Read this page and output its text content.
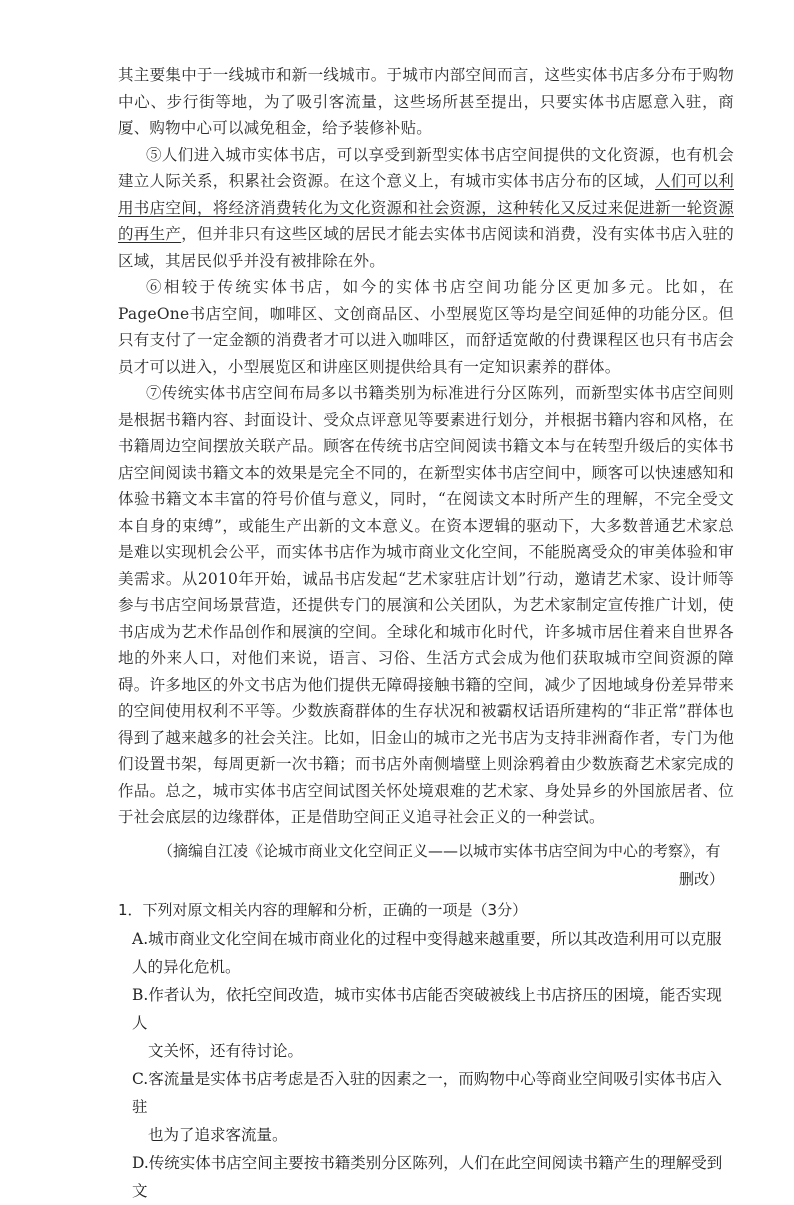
其主要集中于一线城市和新一线城市。于城市内部空间而言，这些实体书店多分布于购物中心、步行街等地，为了吸引客流量，这些场所甚至提出，只要实体书店愿意入驻，商厦、购物中心可以减免租金，给予装修补贴。

⑤人们进入城市实体书店，可以享受到新型实体书店空间提供的文化资源，也有机会建立人际关系，积累社会资源。在这个意义上，有城市实体书店分布的区域，人们可以利用书店空间，将经济消费转化为文化资源和社会资源，这种转化又反过来促进新一轮资源的再生产，但并非只有这些区域的居民才能去实体书店阅读和消费，没有实体书店入驻的区域，其居民似乎并没有被排除在外。

⑥相较于传统实体书店，如今的实体书店空间功能分区更加多元。比如，在PageOne书店空间，咖啡区、文创商品区、小型展览区等均是空间延伸的功能分区。但只有支付了一定金额的消费者才可以进入咖啡区，而舒适宽敞的付费课程区也只有书店会员才可以进入，小型展览区和讲座区则提供给具有一定知识素养的群体。

⑦传统实体书店空间布局多以书籍类别为标准进行分区陈列，而新型实体书店空间则是根据书籍内容、封面设计、受众点评意见等要素进行划分，并根据书籍内容和风格，在书籍周边空间摆放关联产品。顾客在传统书店空间阅读书籍文本与在转型升级后的实体书店空间阅读书籍文本的效果是完全不同的，在新型实体书店空间中，顾客可以快速感知和体验书籍文本丰富的符号价值与意义，同时，“在阅读文本时所产生的理解，不完全受文本自身的束缚”，或能生产出新的文本意义。在资本逻辑的驱动下，大多数普通艺术家总是难以实现机会公平，而实体书店作为城市商业文化空间，不能脱离受众的审美体验和审美需求。从2010年开始，诚品书店发起“艺术家驻店计划”行动，邀请艺术家、设计师等参与书店空间场景营造，还提供专门的展演和公关团队，为艺术家制定宣传推广计划，使书店成为艺术作品创作和展演的空间。全球化和城市化时代，许多城市居住着来自世界各地的外来人口，对他们来说，语言、习俗、生活方式会成为他们获取城市空间资源的障碍。许多地区的外文书店为他们提供无障碍接触书籍的空间，减少了因地域身份差异带来的空间使用权利不平等。少数族裔群体的生存状况和被霸权话语所建构的“非正常”群体也得到了越来越多的社会关注。比如，旧金山的城市之光书店为支持非洲裔作者，专门为他们设置书架，每周更新一次书籍；而书店外南侧墙壁上则涂鸦着由少数族裔艺术家完成的作品。总之，城市实体书店空间试图关怀处境艰难的艺术家、身处异乡的外国旅居者、位于社会底层的边缘群体，正是借助空间正义追寻社会正义的一种尝试。

（摘编自江凌《论城市商业文化空间正义——以城市实体书店空间为中心的考察》，有

删改）

1．下列对原文相关内容的理解和分析，正确的一项是（3分）

A.城市商业文化空间在城市商业化的过程中变得越来越重要，所以其改造利用可以克服人的异化危机。

B.作者认为，依托空间改造，城市实体书店能否突破被线上书店挤压的困境，能否实现人
文关怀，还有待讨论。

C.客流量是实体书店考虑是否入驻的因素之一，而购物中心等商业空间吸引实体书店入驻
也为了追求客流量。

D.传统实体书店空间主要按书籍类别分区陈列，人们在此空间阅读书籍产生的理解受到文
